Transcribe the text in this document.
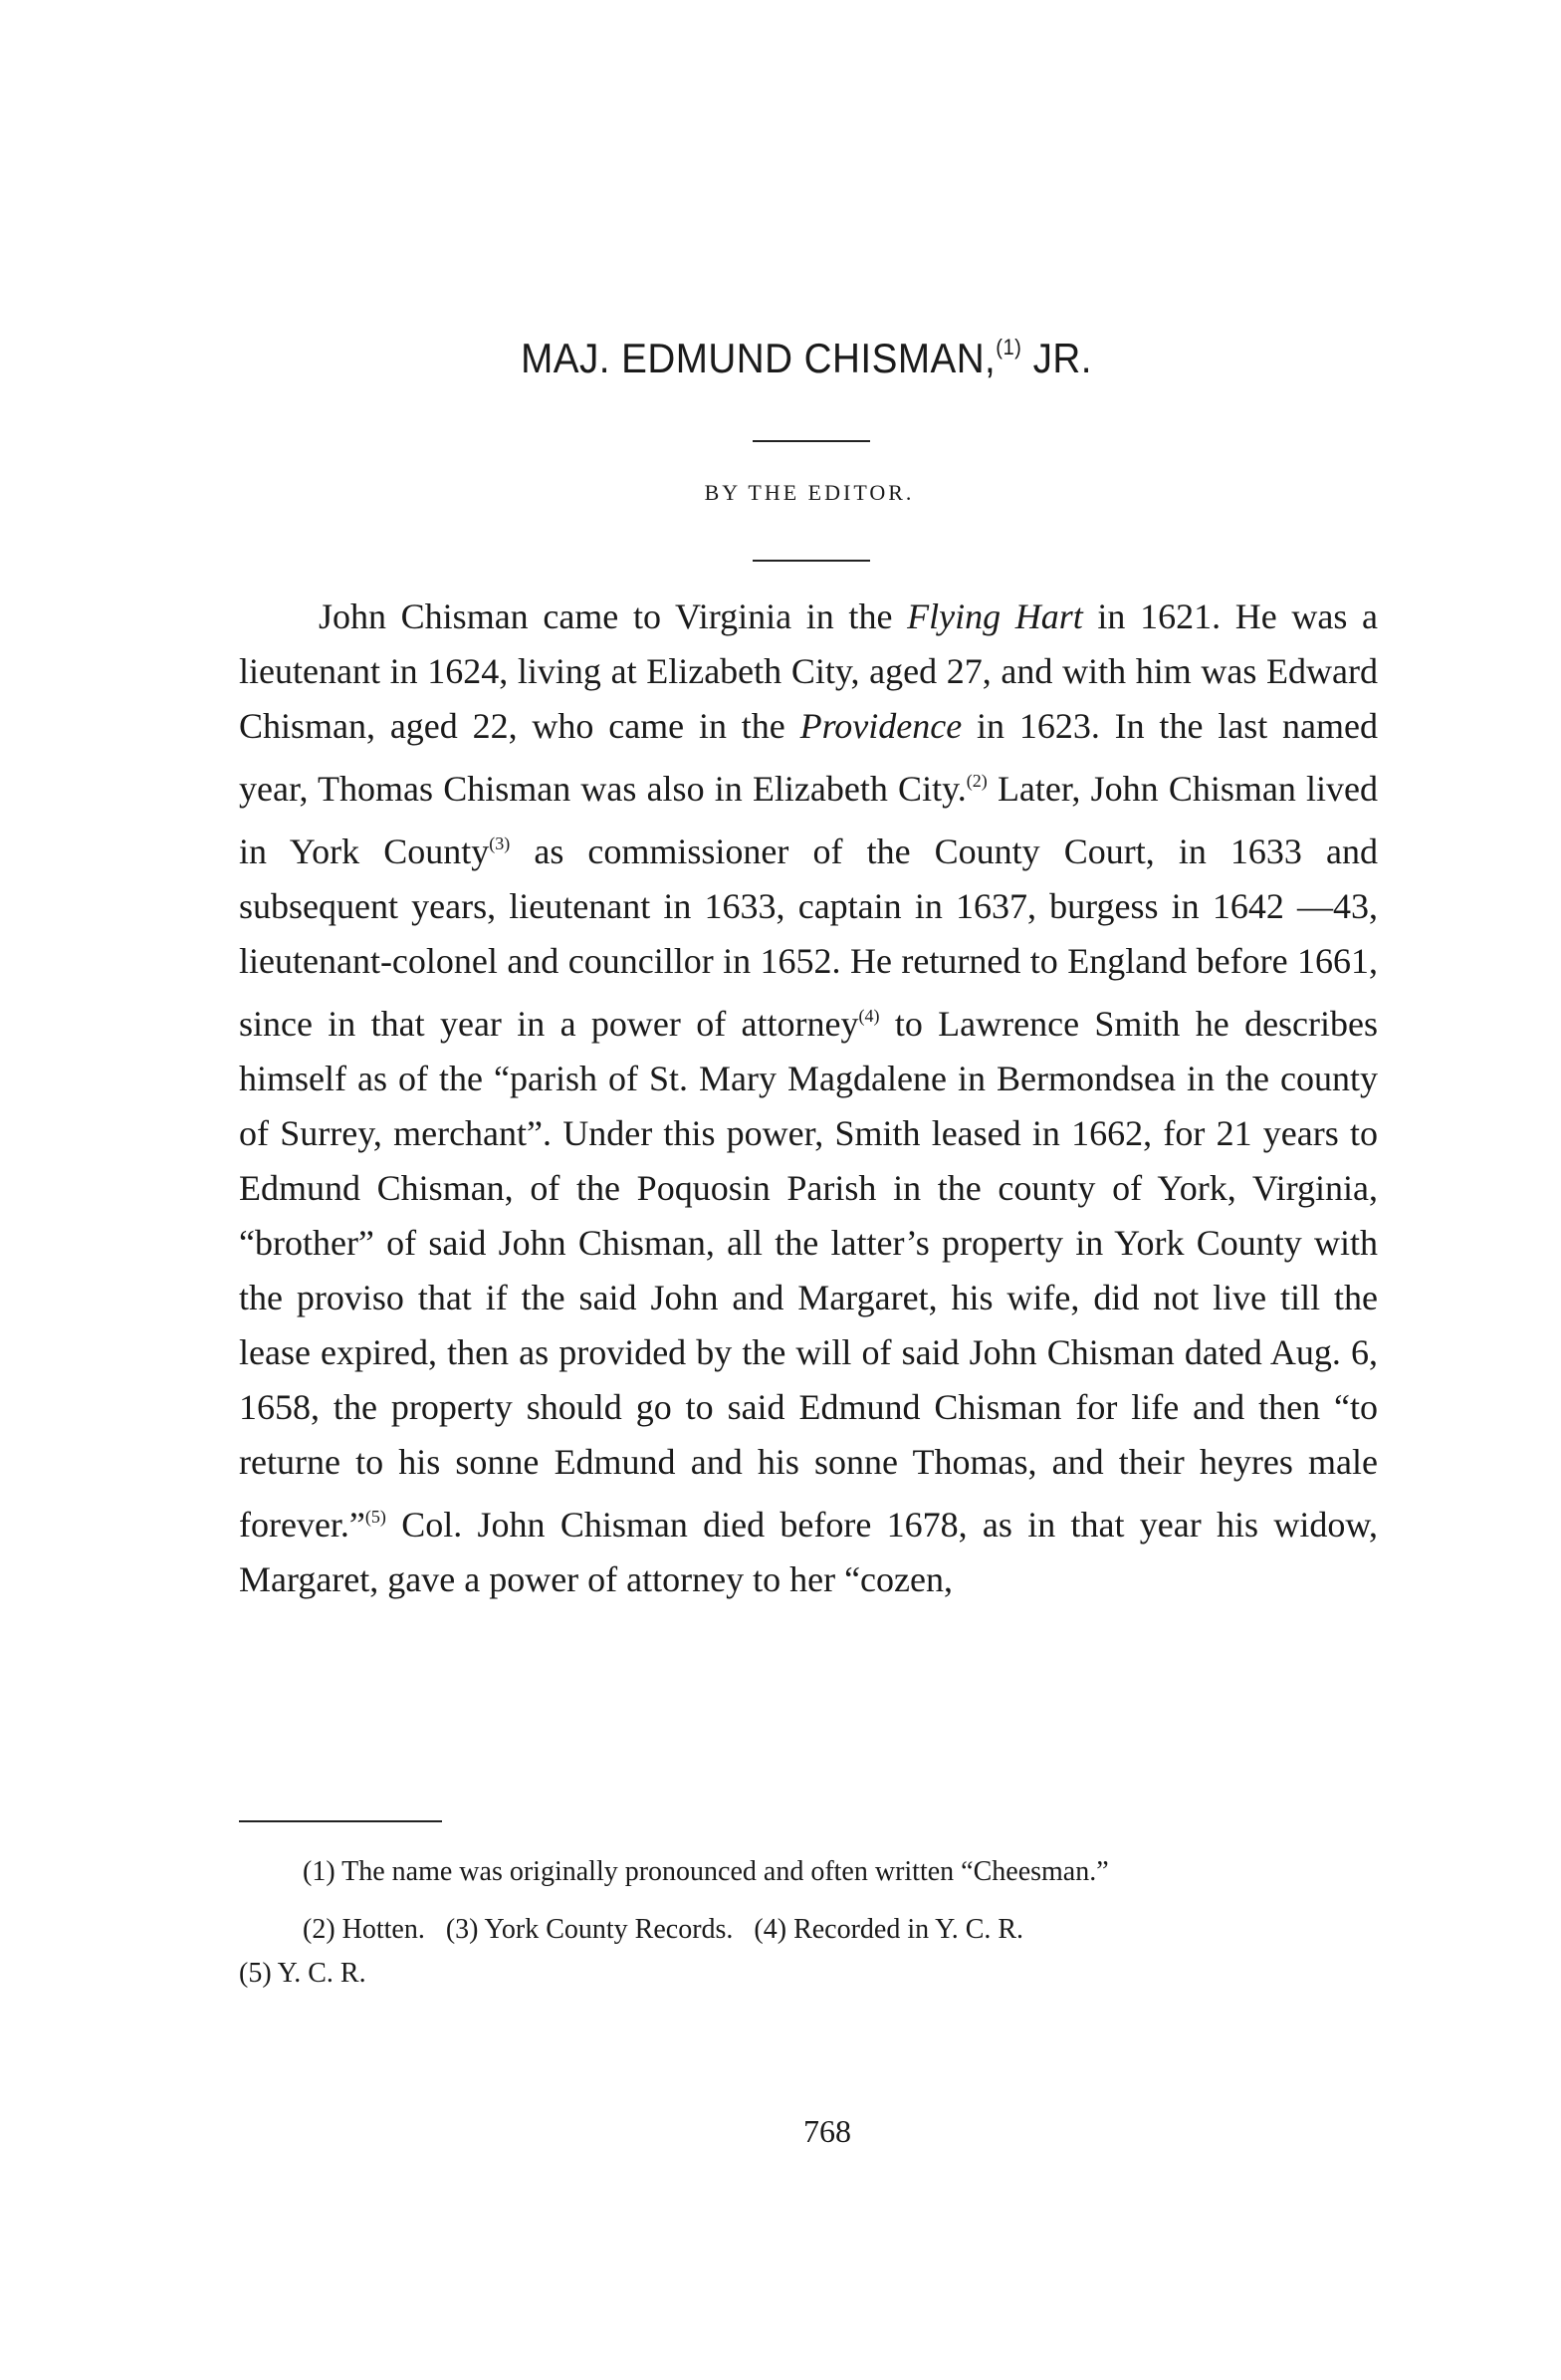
MAJ. EDMUND CHISMAN,$^{(1)}$ JR.
BY THE EDITOR.

John Chisman came to Virginia in the Flying Hart in 1621. He was a lieutenant in 1624, living at Elizabeth City, aged 27, and with him was Edward Chisman, aged 22, who came in the Providence in 1623. In the last named year, Thomas Chisman was also in Elizabeth City.$^{(2)}$ Later, John Chisman lived in York County$^{(3)}$ as commissioner of the County Court, in 1633 and subsequent years, lieutenant in 1633, captain in 1637, burgess in 1642 —43, lieutenant-colonel and councillor in 1652. He returned to England before 1661, since in that year in a power of attorney$^{(4)}$ to Lawrence Smith he describes himself as of the “parish of St. Mary Magdalene in Bermondsea in the county of Surrey, merchant”. Under this power, Smith leased in 1662, for 21 years to Edmund Chisman, of the Poquosin Parish in the county of York, Virginia, “brother” of said John Chisman, all the latter’s property in York County with the proviso that if the said John and Margaret, his wife, did not live till the lease expired, then as provided by the will of said John Chisman dated Aug. 6, 1658, the property should go to said Edmund Chisman for life and then “to returne to his sonne Edmund and his sonne Thomas, and their heyres male forever.”$^{(5)}$ Col. John Chisman died before 1678, as in that year his widow, Margaret, gave a power of attorney to her “cozen,

(1) The name was originally pronounced and often written “Cheesman.”

(2) Hotten. (3) York County Records. (4) Recorded in Y. C. R.

(5) Y. C. R.

768
